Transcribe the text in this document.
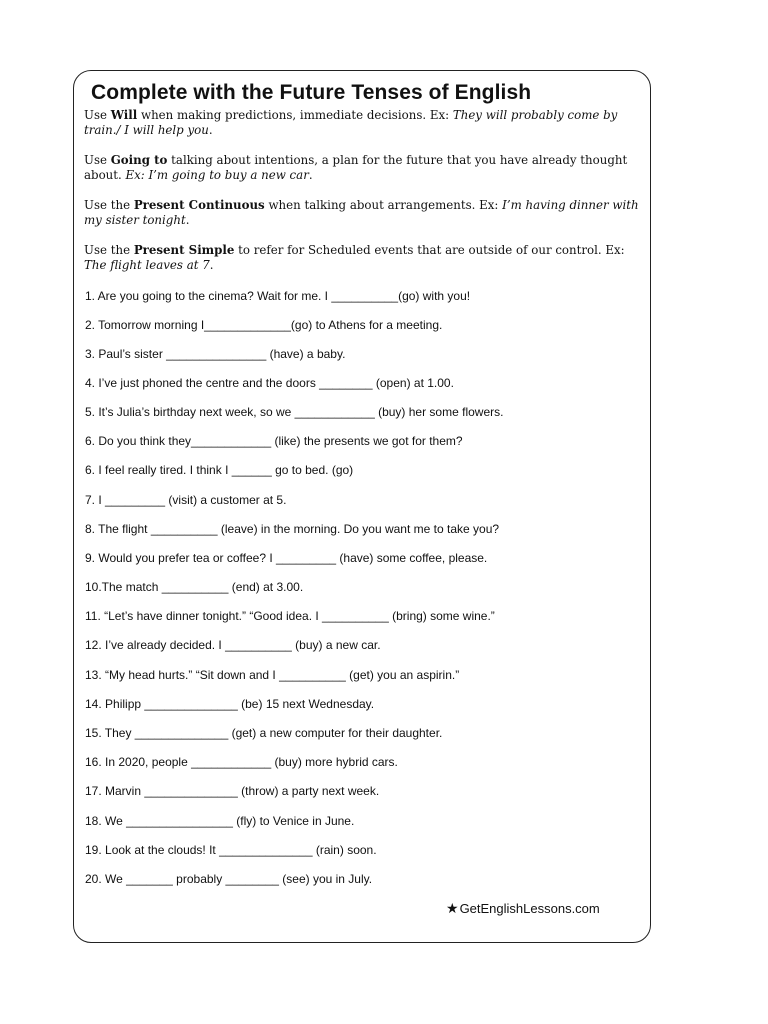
Complete with the Future Tenses of English

Use Will when making predictions, immediate decisions. Ex: They will probably come by train./ I will help you.

Use Going to talking about intentions, a plan for the future that you have already thought about. Ex: I’m going to buy a new car.

Use the Present Continuous when talking about arrangements. Ex: I’m having dinner with my sister tonight.

Use the Present Simple to refer for Scheduled events that are outside of our control. Ex: The flight leaves at 7.

1. Are you going to the cinema? Wait for me. I __________(go) with you!

2. Tomorrow morning I_____________(go) to Athens for a meeting.

3. Paul’s sister _______________ (have) a baby.

4. I’ve just phoned the centre and the doors ________ (open) at 1.00.

5. It’s Julia’s birthday next week, so we ____________ (buy) her some flowers.

6. Do you think they____________ (like) the presents we got for them?

6. I feel really tired. I think I ______ go to bed. (go)

7. I _________ (visit) a customer at 5.

8. The flight __________ (leave) in the morning. Do you want me to take you?

9. Would you prefer tea or coffee? I _________ (have) some coffee, please.

10.The match __________ (end) at 3.00.

11. “Let’s have dinner tonight.” “Good idea. I __________ (bring) some wine.”

12. I’ve already decided. I __________ (buy) a new car.

13. “My head hurts.” “Sit down and I __________ (get) you an aspirin.”

14. Philipp ______________ (be) 15 next Wednesday.

15. They ______________ (get) a new computer for their daughter.

16. In 2020, people ____________ (buy) more hybrid cars.

17. Marvin ______________ (throw) a party next week.

18. We ________________ (fly) to Venice in June.

19. Look at the clouds! It ______________ (rain) soon.

20. We _______ probably ________ (see) you in July.

★GetEnglishLessons.com
